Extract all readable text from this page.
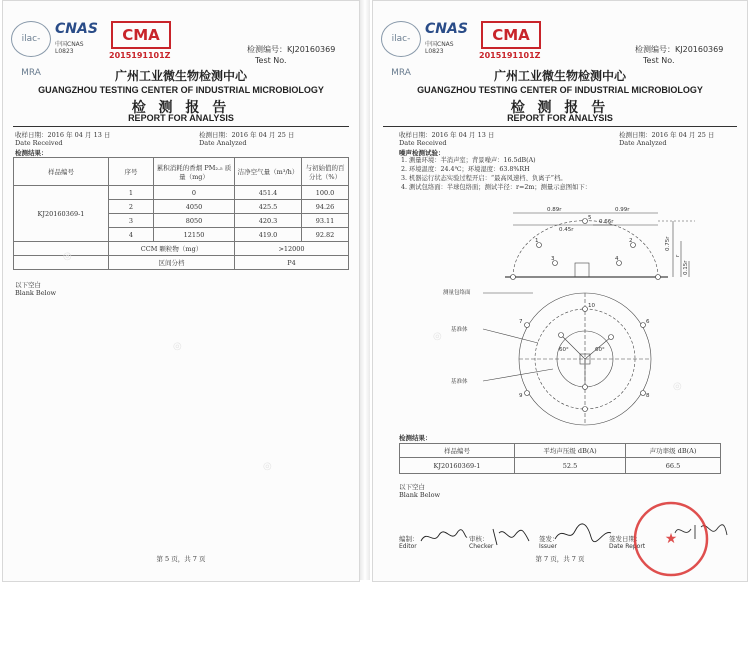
ilac-MRA
CNAS
中国CNAS L0823
CMA
2015191101Z
检测编号：KJ20160369
Test No.
广州工业微生物检测中心
GUANGZHOU TESTING CENTER OF INDUSTRIAL MICROBIOLOGY
检 测 报 告
REPORT FOR ANALYSIS
收样日期：2016 年 04 月 13 日	检测日期：2016 年 04 月 25 日
Date Received	Date Analyzed
检测结果：
样品编号	序号	累积消耗的香烟 PM₂.₅ 质量（mg）	洁净空气量（m³/h）	与初始值的百分比（%）
KJ20160369-1	1	0	451.4	100.0
	2	4050	425.5	94.26
	3	8050	420.3	93.11
	4	12150	419.0	92.82
	CCM 颗粒物（mg）		>12000	
	区间分档		P4	
以下空白
Blank Below
第 5 页，共 7 页
◎
◎
◎
ilac-MRA
CNAS
中国CNAS L0823
CMA
2015191101Z
检测编号：KJ20160369
Test No.
广州工业微生物检测中心
GUANGZHOU TESTING CENTER OF INDUSTRIAL MICROBIOLOGY
检 测 报 告
REPORT FOR ANALYSIS
收样日期：2016 年 04 月 13 日	检测日期：2016 年 04 月 25 日
Date Received	Date Analyzed
噪声检测试验：
1. 测量环境：半消声室；背景噪声：16.5dB(A)
2. 环境温度：24.4℃；环境湿度：63.8%RH
3. 机器运行状态实验过程开启：“最高风速档、负离子”档。
4. 测试包络面：半球包络面；测试半径：r=2m；测量示意图如下：
0.89r	0.99r
0.66r
0.45r
0.75r
0.15r
r
测量包络面
基准体
基准体
60°	60°
1	2
3	4
5
6
7
8
9
10
检测结果：
样品编号	平均声压级 dB(A)	声功率级 dB(A)
KJ20160369-1	52.5	66.5
以下空白
Blank Below
编制：
Editor
审核：
Checker
签发：
Issuer
签发日期：
Date Report ★
第 7 页，共 7 页
◎
◎
